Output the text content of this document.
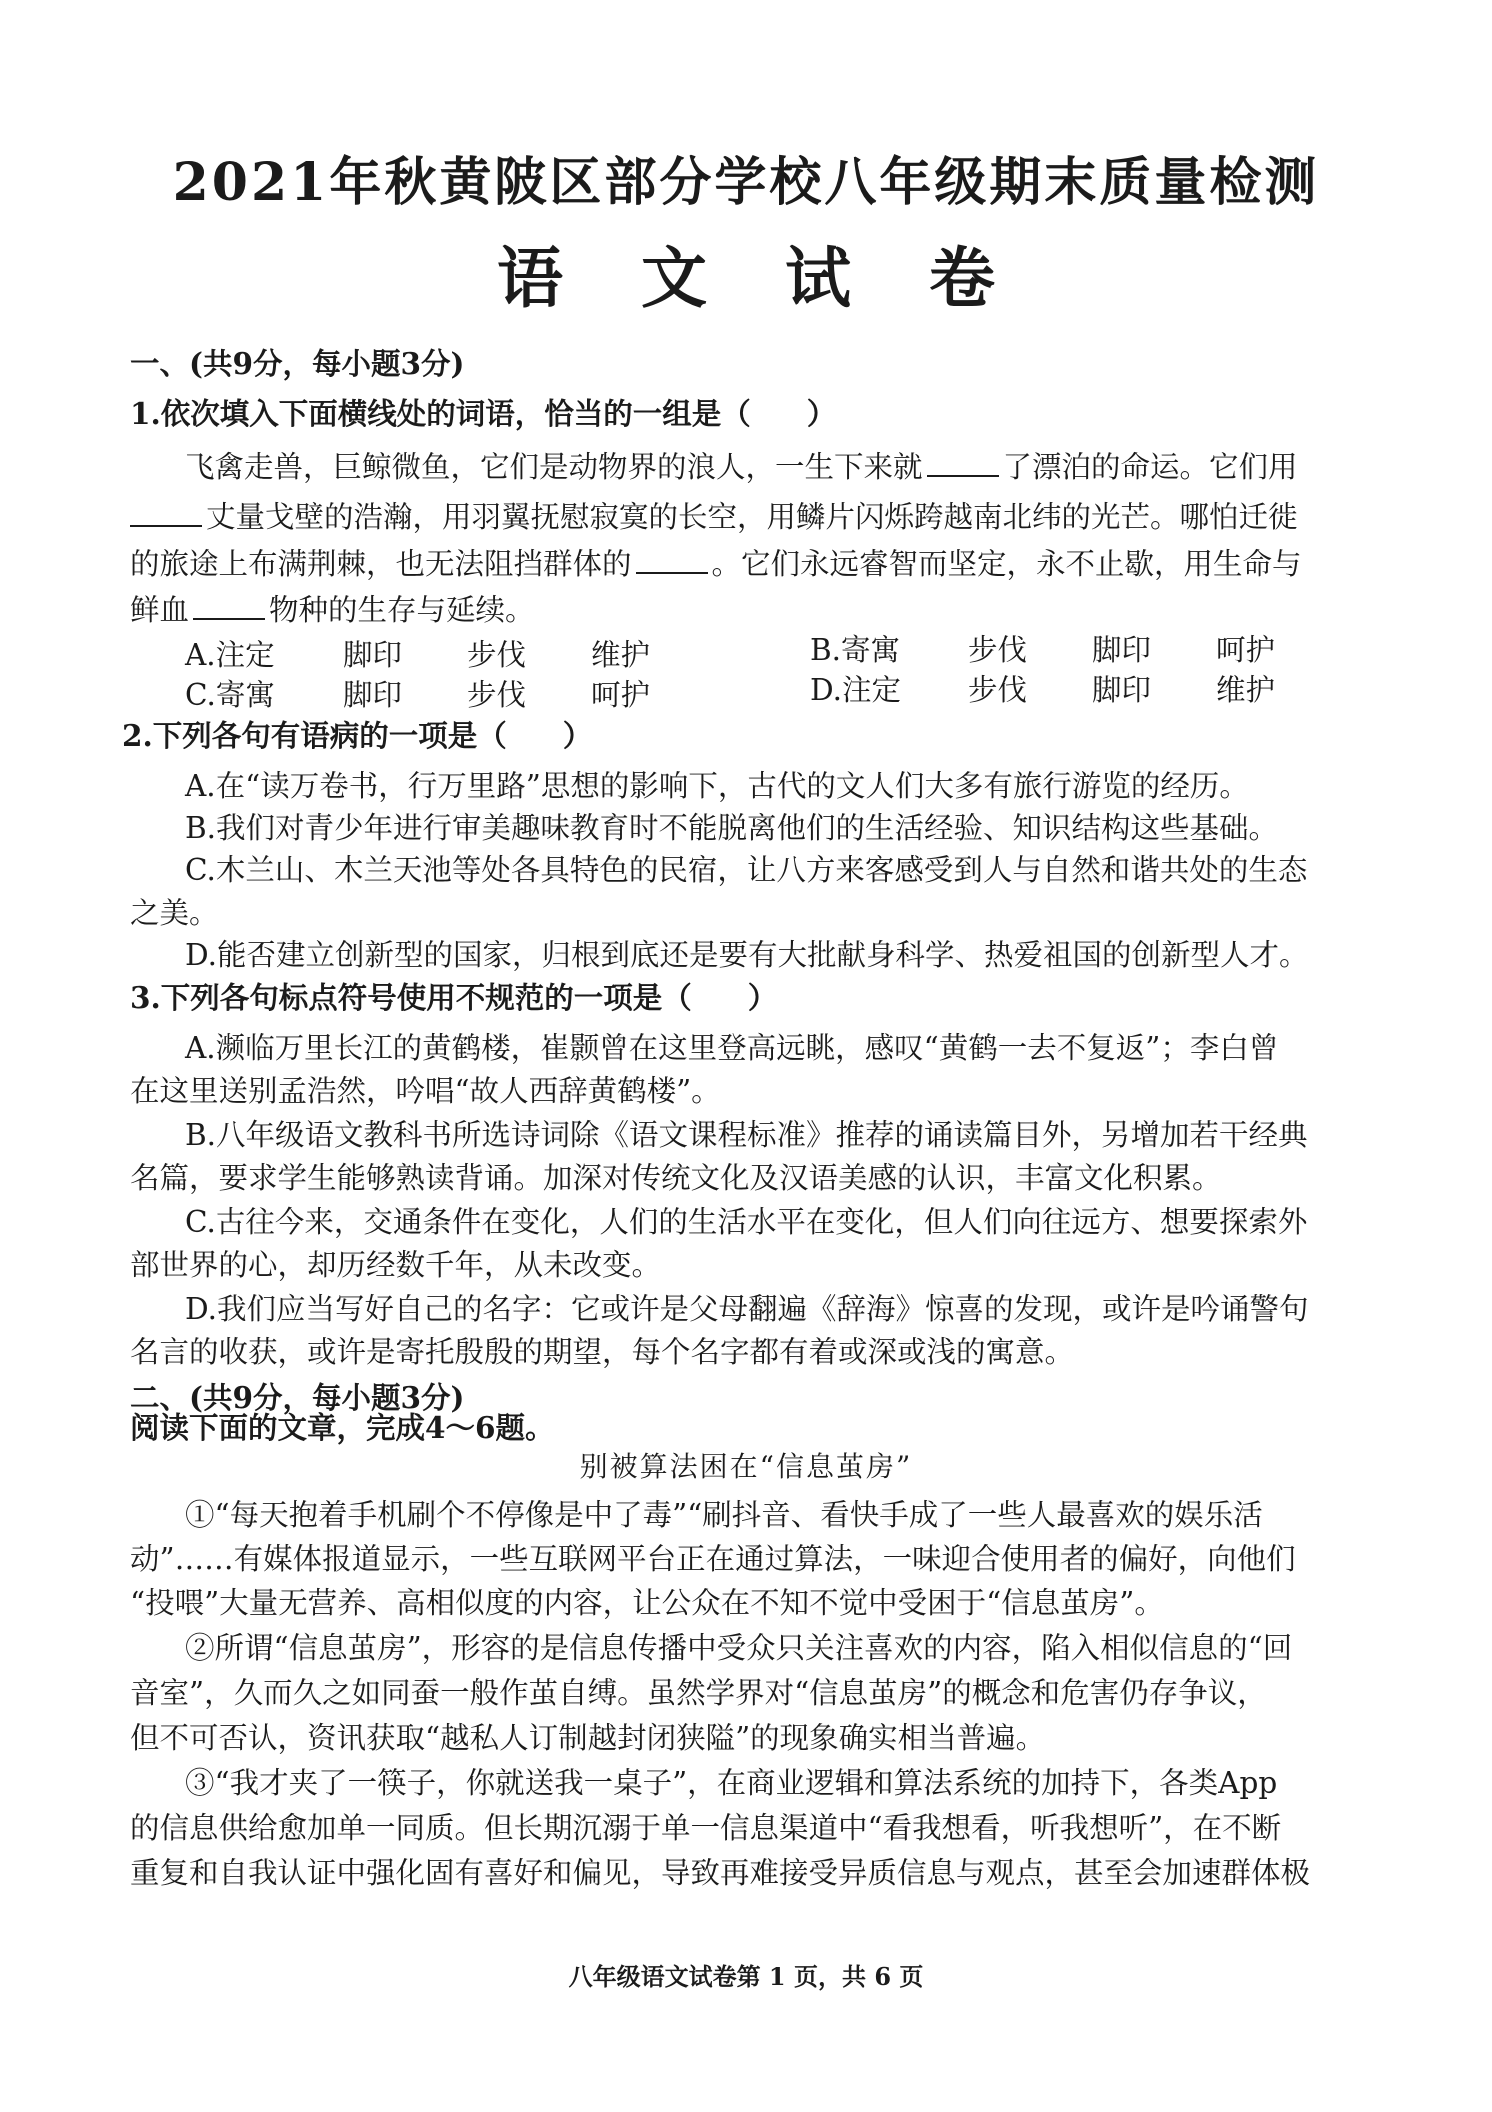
2021年秋黄陂区部分学校八年级期末质量检测
语文试卷
一、(共9分，每小题3分)
1.依次填入下面横线处的词语，恰当的一组是（ ）
飞禽走兽，巨鲸微鱼，它们是动物界的浪人，一生下来就	了漂泊的命运。它们用
丈量戈壁的浩瀚，用羽翼抚慰寂寞的长空，用鳞片闪烁跨越南北纬的光芒。哪怕迁徙
的旅途上布满荆棘，也无法阻挡群体的	。它们永远睿智而坚定，永不止歇，用生命与
鲜血	物种的生存与延续。
A.注定 脚印 步伐 维护	B.寄寓 步伐 脚印 呵护
C.寄寓 脚印 步伐 呵护	D.注定 步伐 脚印 维护
2.下列各句有语病的一项是（ ）
A.在“读万卷书，行万里路”思想的影响下，古代的文人们大多有旅行游览的经历。
B.我们对青少年进行审美趣味教育时不能脱离他们的生活经验、知识结构这些基础。
C.木兰山、木兰天池等处各具特色的民宿，让八方来客感受到人与自然和谐共处的生态
之美。
D.能否建立创新型的国家，归根到底还是要有大批献身科学、热爱祖国的创新型人才。
3.下列各句标点符号使用不规范的一项是（ ）
A.濒临万里长江的黄鹤楼，崔颢曾在这里登高远眺，感叹“黄鹤一去不复返”；李白曾
在这里送别孟浩然，吟唱“故人西辞黄鹤楼”。
B.八年级语文教科书所选诗词除《语文课程标准》推荐的诵读篇目外，另增加若干经典
名篇，要求学生能够熟读背诵。加深对传统文化及汉语美感的认识，丰富文化积累。
C.古往今来，交通条件在变化，人们的生活水平在变化，但人们向往远方、想要探索外
部世界的心，却历经数千年，从未改变。
D.我们应当写好自己的名字：它或许是父母翻遍《辞海》惊喜的发现，或许是吟诵警句
名言的收获，或许是寄托殷殷的期望，每个名字都有着或深或浅的寓意。
二、(共9分，每小题3分)
阅读下面的文章，完成4～6题。
别被算法困在“信息茧房”
①“每天抱着手机刷个不停像是中了毒”“刷抖音、看快手成了一些人最喜欢的娱乐活
动”……有媒体报道显示，一些互联网平台正在通过算法，一味迎合使用者的偏好，向他们
“投喂”大量无营养、高相似度的内容，让公众在不知不觉中受困于“信息茧房”。
②所谓“信息茧房”，形容的是信息传播中受众只关注喜欢的内容，陷入相似信息的“回
音室”，久而久之如同蚕一般作茧自缚。虽然学界对“信息茧房”的概念和危害仍存争议，
但不可否认，资讯获取“越私人订制越封闭狭隘”的现象确实相当普遍。
③“我才夹了一筷子，你就送我一桌子”，在商业逻辑和算法系统的加持下，各类App
的信息供给愈加单一同质。但长期沉溺于单一信息渠道中“看我想看，听我想听”，在不断
重复和自我认证中强化固有喜好和偏见，导致再难接受异质信息与观点，甚至会加速群体极
八年级语文试卷第 1 页，共 6 页
